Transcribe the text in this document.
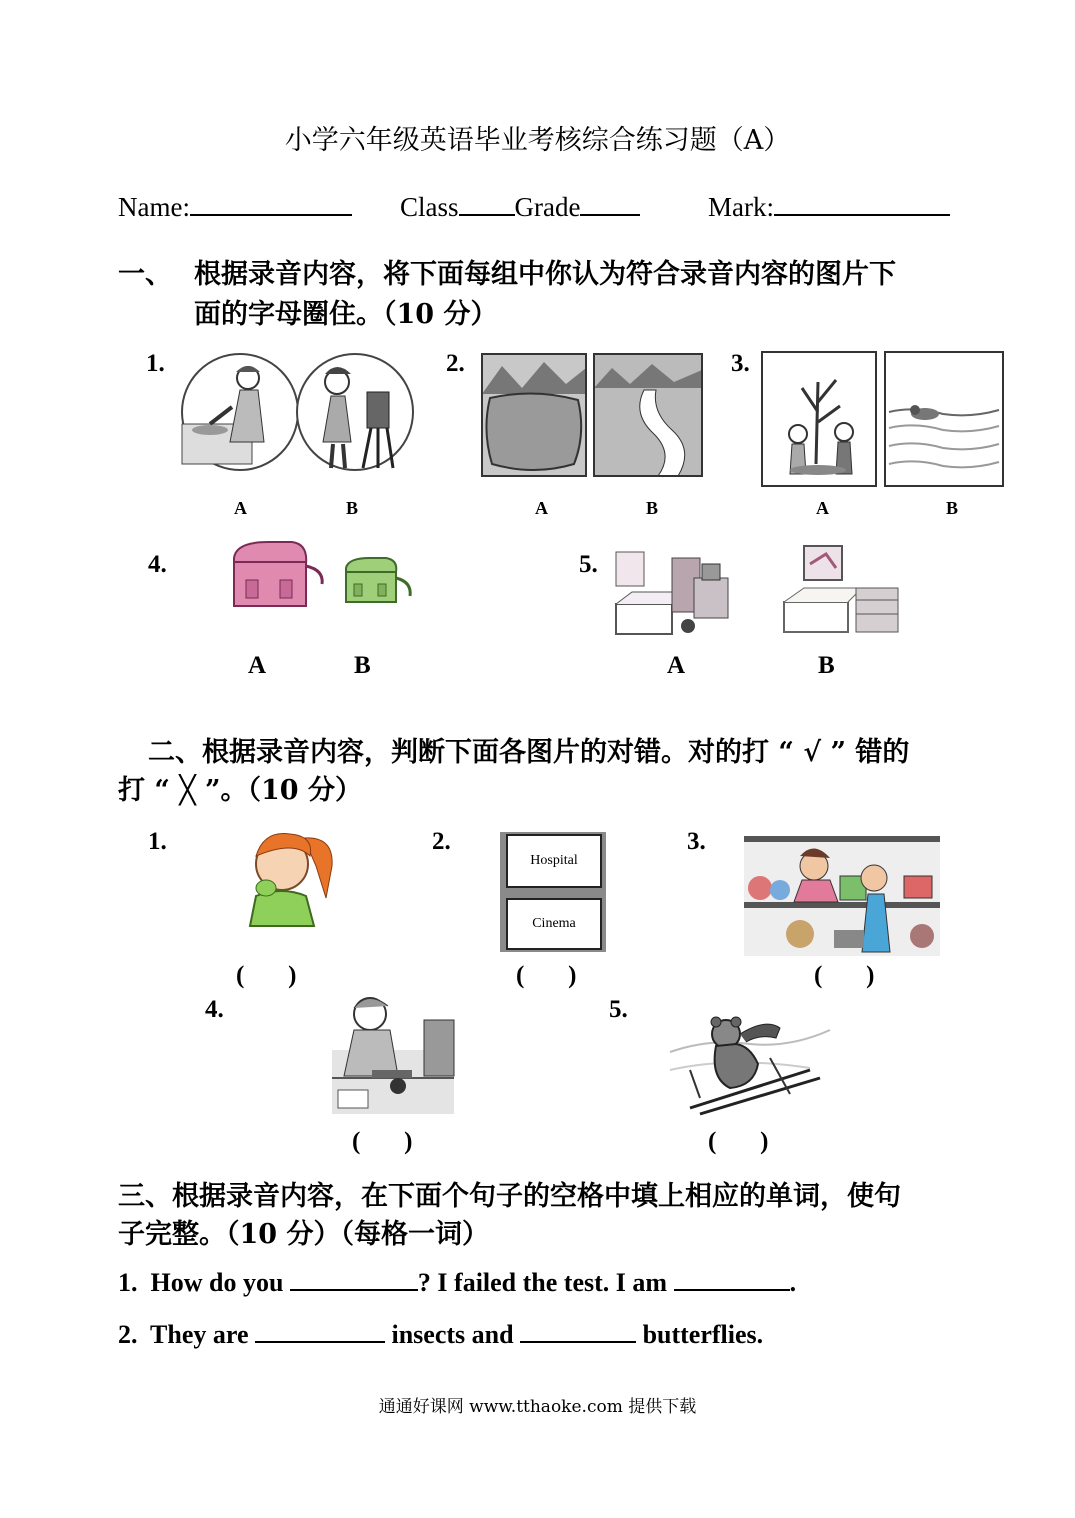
小学六年级英语毕业考核综合练习题（A）
Name:	Class Grade	Mark:
一、 根据录音内容，将下面每组中你认为符合录音内容的图片下
面的字母圈住。（10 分）
1.	2.	3.
4.	5.
A	B	A	B	A	B
A	B	A	B
二、根据录音内容，判断下面各图片的对错。对的打 “ √ ” 错的
打 “ ╳ ”。（10 分）
1.	2.	3.
4.	5.
(       )
Hospital
Cinema
(       )	(       )
(       )	(       )
三、根据录音内容，在下面个句子的空格中填上相应的单词，使句
子完整。（10 分）（每格一词）
1. How do you	? I failed the test. I am	.
2. They are	insects and	butterflies.
通通好课网 www.tthaoke.com 提供下载
